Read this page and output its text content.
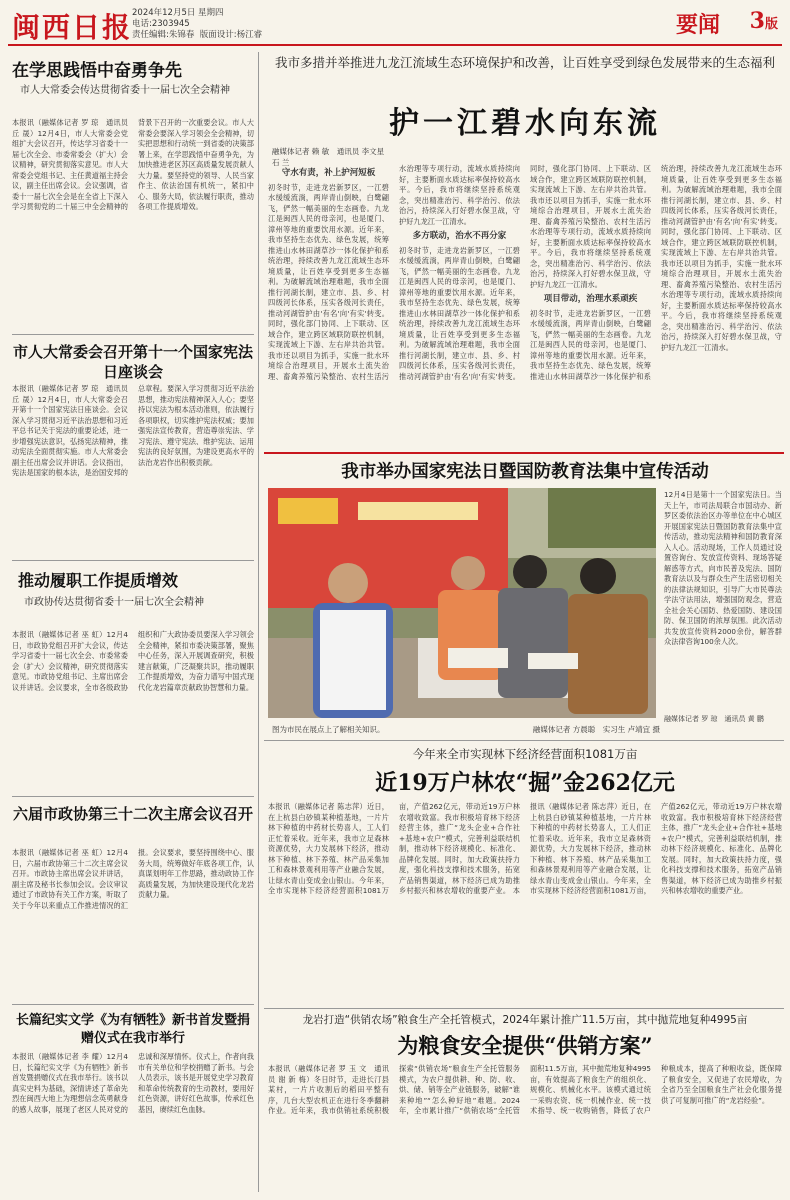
闽西日报 2024年12月5日 星期四
电话:2303945
责任编辑:朱锦春 版面设计:杨江睿	要闻 3版
在学思践悟中奋勇争先
市人大常委会传达贯彻省委十一届七次全会精神
本报讯（融媒体记者 罗 琼　通讯员 丘 晟）12月4日，市人大常委会党组扩大会议召开，传达学习省委十一届七次全会、市委常委会（扩大）会议精神，研究贯彻落实意见。市人大常委会党组书记、主任黄道福主持会议，副主任出席会议。会议强调，省委十一届七次全会是在全省上下深入学习贯彻党的二十届三中全会精神的背景下召开的一次重要会议。市人大常委会要深入学习领会全会精神，切实把思想和行动统一到省委的决策部署上来，在学思践悟中奋勇争先，为加快推进老区苏区高质量发展贡献人大力量。要坚持党的领导、人民当家作主、依法治国有机统一，紧扣中心、服务大局，依法履行职责，推动各项工作提质增效。
市人大常委会召开第十一个国家宪法日座谈会
本报讯（融媒体记者 罗 琼　通讯员 丘 晟）12月4日，市人大常委会召开第十一个国家宪法日座谈会。会议深入学习贯彻习近平法治思想和习近平总书记关于宪法的重要论述，进一步增强宪法意识，弘扬宪法精神，推动宪法全面贯彻实施。市人大常委会副主任出席会议并讲话。会议指出，宪法是国家的根本法，是治国安邦的总章程。要深入学习贯彻习近平法治思想，推动宪法精神深入人心；要坚持以宪法为根本活动准则，依法履行各项职权，切实维护宪法权威；要加强宪法宣传教育，营造尊崇宪法、学习宪法、遵守宪法、维护宪法、运用宪法的良好氛围，为建设更高水平的法治龙岩作出积极贡献。
推动履职工作提质增效
市政协传达贯彻省委十一届七次全会精神
本报讯（融媒体记者 巫 虹）12月4日，市政协党组召开扩大会议，传达学习省委十一届七次全会、市委常委会（扩大）会议精神，研究贯彻落实意见。市政协党组书记、主席出席会议并讲话。会议要求，全市各级政协组织和广大政协委员要深入学习领会全会精神，紧扣市委决策部署，聚焦中心任务，深入开展调查研究，积极建言献策，广泛凝聚共识，推动履职工作提质增效，为奋力谱写中国式现代化龙岩篇章贡献政协智慧和力量。
六届市政协第三十二次主席会议召开
本报讯（融媒体记者 巫 虹）12月4日，六届市政协第三十二次主席会议召开。市政协主席出席会议并讲话，副主席及秘书长参加会议。会议审议通过了市政协有关工作方案，听取了关于今年以来重点工作推进情况的汇报。会议要求，要坚持围绕中心、服务大局，统筹做好年底各项工作，认真谋划明年工作思路，推动政协工作高质量发展，为加快建设现代化龙岩贡献力量。
长篇纪实文学《为有牺牲》新书首发暨捐赠仪式在我市举行
本报讯（融媒体记者 李 耀）12月4日，长篇纪实文学《为有牺牲》新书首发暨捐赠仪式在我市举行。该书以真实史料为基础，深情讲述了革命先烈在闽西大地上为理想信念英勇献身的感人故事，展现了老区人民对党的忠诚和深厚情怀。仪式上，作者向我市有关单位和学校捐赠了新书。与会人员表示，该书是开展党史学习教育和革命传统教育的生动教材，要用好红色资源，讲好红色故事，传承红色基因，赓续红色血脉。
我市多措并举推进九龙江流域生态环境保护和改善，让百姓享受到绿色发展带来的生态福利
护一江碧水向东流
融媒体记者 赖 敏　通讯员 李文星 石 兰
守水有责，补上护河短板
初冬时节，走进龙岩新罗区，一江碧水缓缓流淌，两岸青山倒映，白鹭翩飞，俨然一幅美丽的生态画卷。九龙江是闽西人民的母亲河，也是厦门、漳州等地的重要饮用水源。近年来，我市坚持生态优先、绿色发展，统筹推进山水林田湖草沙一体化保护和系统治理，持续改善九龙江流域生态环境质量，让百姓享受到更多生态福利。为破解流域治理难题，我市全面推行河湖长制，建立市、县、乡、村四级河长体系，压实各级河长责任，推动河湖管护由'有名'向'有实'转变。同时，强化部门协同、上下联动、区域合作，建立跨区域联防联控机制，实现流域上下游、左右岸共治共管。我市还以项目为抓手，实施一批水环境综合治理项目，开展水土流失治理、畜禽养殖污染整治、农村生活污水治理等专项行动，流域水质持续向好，主要断面水质达标率保持较高水平。今后，我市将继续坚持系统观念，突出精准治污、科学治污、依法治污，持续深入打好碧水保卫战，守护好九龙江一江清水。
多方联动，治水不再分家
初冬时节，走进龙岩新罗区，一江碧水缓缓流淌，两岸青山倒映，白鹭翩飞，俨然一幅美丽的生态画卷。九龙江是闽西人民的母亲河，也是厦门、漳州等地的重要饮用水源。近年来，我市坚持生态优先、绿色发展，统筹推进山水林田湖草沙一体化保护和系统治理，持续改善九龙江流域生态环境质量，让百姓享受到更多生态福利。为破解流域治理难题，我市全面推行河湖长制，建立市、县、乡、村四级河长体系，压实各级河长责任，推动河湖管护由'有名'向'有实'转变。同时，强化部门协同、上下联动、区域合作，建立跨区域联防联控机制，实现流域上下游、左右岸共治共管。我市还以项目为抓手，实施一批水环境综合治理项目，开展水土流失治理、畜禽养殖污染整治、农村生活污水治理等专项行动，流域水质持续向好，主要断面水质达标率保持较高水平。今后，我市将继续坚持系统观念，突出精准治污、科学治污、依法治污，持续深入打好碧水保卫战，守护好九龙江一江清水。
项目带动，治理水系顽疾
初冬时节，走进龙岩新罗区，一江碧水缓缓流淌，两岸青山倒映，白鹭翩飞，俨然一幅美丽的生态画卷。九龙江是闽西人民的母亲河，也是厦门、漳州等地的重要饮用水源。近年来，我市坚持生态优先、绿色发展，统筹推进山水林田湖草沙一体化保护和系统治理，持续改善九龙江流域生态环境质量，让百姓享受到更多生态福利。为破解流域治理难题，我市全面推行河湖长制，建立市、县、乡、村四级河长体系，压实各级河长责任，推动河湖管护由'有名'向'有实'转变。同时，强化部门协同、上下联动、区域合作，建立跨区域联防联控机制，实现流域上下游、左右岸共治共管。我市还以项目为抓手，实施一批水环境综合治理项目，开展水土流失治理、畜禽养殖污染整治、农村生活污水治理等专项行动，流域水质持续向好，主要断面水质达标率保持较高水平。今后，我市将继续坚持系统观念，突出精准治污、科学治污、依法治污，持续深入打好碧水保卫战，守护好九龙江一江清水。
我市举办国家宪法日暨国防教育法集中宣传活动
图为市民在展点上了解相关知识。	融媒体记者 方晨聪　实习生 卢靖宜 摄
12月4日是第十一个国家宪法日。当天上午，市司法局联合市国动办、新罗区委依法治区办等单位在中心城区开展国家宪法日暨国防教育法集中宣传活动，推动宪法精神和国防教育深入人心。活动现场，工作人员通过设置咨询台、发放宣传资料、现场答疑解惑等方式，向市民普及宪法、国防教育法以及与群众生产生活密切相关的法律法规知识，引导广大市民尊法学法守法用法，增强国防观念，营造全社会关心国防、热爱国防、建设国防、保卫国防的浓厚氛围。此次活动共发放宣传资料2000余份，解答群众法律咨询100余人次。
融媒体记者 罗 琼　通讯员 黄 鹏
今年来全市实现林下经济经营面积1081万亩
近19万户林农“掘”金262亿元
本报讯（融媒体记者 陈志萍）近日，在上杭县白砂镇某种植基地，一片片林下种植的中药材长势喜人，工人们正忙着采收。近年来，我市立足森林资源优势，大力发展林下经济，推动林下种植、林下养殖、林产品采集加工和森林景观利用等产业融合发展，让绿水青山变成金山银山。今年来，全市实现林下经济经营面积1081万亩，产值262亿元，带动近19万户林农增收致富。我市积极培育林下经济经营主体，推广“龙头企业+合作社+基地+农户”模式，完善利益联结机制，推动林下经济规模化、标准化、品牌化发展。同时，加大政策扶持力度，强化科技支撑和技术服务，拓宽产品销售渠道，林下经济已成为助推乡村振兴和林农增收的重要产业。 本报讯（融媒体记者 陈志萍）近日，在上杭县白砂镇某种植基地，一片片林下种植的中药材长势喜人，工人们正忙着采收。近年来，我市立足森林资源优势，大力发展林下经济，推动林下种植、林下养殖、林产品采集加工和森林景观利用等产业融合发展，让绿水青山变成金山银山。今年来，全市实现林下经济经营面积1081万亩，产值262亿元，带动近19万户林农增收致富。我市积极培育林下经济经营主体，推广“龙头企业+合作社+基地+农户”模式，完善利益联结机制，推动林下经济规模化、标准化、品牌化发展。同时，加大政策扶持力度，强化科技支撑和技术服务，拓宽产品销售渠道，林下经济已成为助推乡村振兴和林农增收的重要产业。
龙岩打造“供销农场”粮食生产全托管模式，2024年累计推广11.5万亩，其中抛荒地复种4995亩
为粮食安全提供“供销方案”
本报讯（融媒体记者 罗 玉 文　通讯员 谢 新 梅）冬日时节，走进长汀县某村，一片片收割后的稻田平整有序，几台大型农机正在进行冬季翻耕作业。近年来，我市供销社系统积极探索“供销农场”粮食生产全托管服务模式，为农户提供耕、种、防、收、烘、储、销等全产业链服务，破解“谁来种地”“怎么种好地”难题。2024年，全市累计推广“供销农场”全托管面积11.5万亩，其中抛荒地复种4995亩，有效提高了粮食生产的组织化、规模化、机械化水平。该模式通过统一采购农资、统一机械作业、统一技术指导、统一收购销售，降低了农户种粮成本，提高了种粮收益，既保障了粮食安全，又促进了农民增收，为全省乃至全国粮食生产社会化服务提供了可复制可推广的“龙岩经验”。
